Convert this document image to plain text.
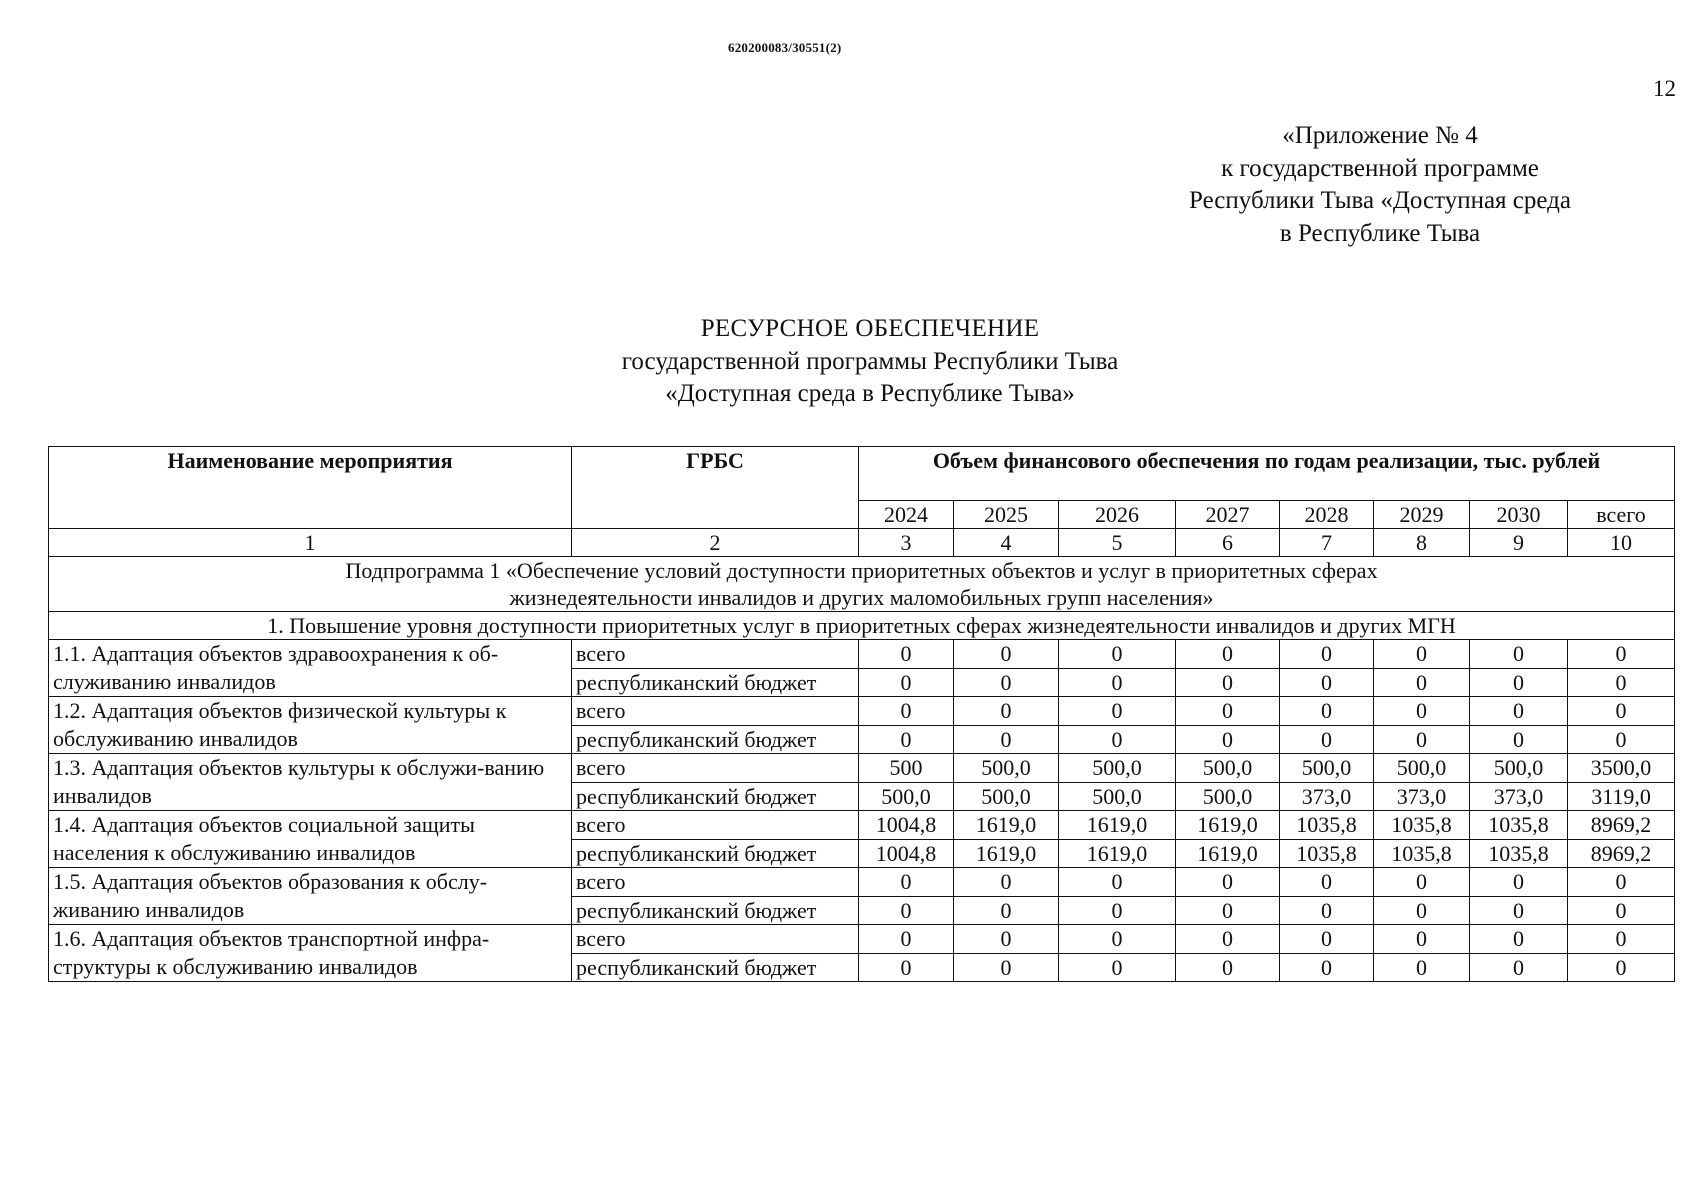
620200083/30551(2)
12
«Приложение № 4
к государственной программе
Республики Тыва «Доступная среда
в Республике Тыва
РЕСУРСНОЕ ОБЕСПЕЧЕНИЕ
государственной программы Республики Тыва
«Доступная среда в Республике Тыва»
Наименование мероприятия	ГРБС	Объем финансового обеспечения по годам реализации, тыс. рублей							
		2024	2025	2026	2027	2028	2029	2030	всего
1	2	3	4	5	6	7	8	9	10

Подпрограмма 1 «Обеспечение условий доступности приоритетных объектов и услуг в приоритетных сферах
жизнедеятельности инвалидов и других маломобильных групп населения»									

1. Повышение уровня доступности приоритетных услуг в приоритетных сферах жизнедеятельности инвалидов и других МГН									
1.1. Адаптация объектов здравоохранения к об-служиванию инвалидов	всего	0	0	0	0	0	0	0	0
	республиканский бюджет	0	0	0	0	0	0	0	0
1.2. Адаптация объектов физической культуры к обслуживанию инвалидов	всего	0	0	0	0	0	0	0	0
	республиканский бюджет	0	0	0	0	0	0	0	0
1.3. Адаптация объектов культуры к обслужи-ванию инвалидов	всего	500	500,0	500,0	500,0	500,0	500,0	500,0	3500,0
	республиканский бюджет	500,0	500,0	500,0	500,0	373,0	373,0	373,0	3119,0
1.4. Адаптация объектов социальной защиты населения к обслуживанию инвалидов	всего	1004,8	1619,0	1619,0	1619,0	1035,8	1035,8	1035,8	8969,2
	республиканский бюджет	1004,8	1619,0	1619,0	1619,0	1035,8	1035,8	1035,8	8969,2
1.5. Адаптация объектов образования к обслу-живанию инвалидов	всего	0	0	0	0	0	0	0	0
	республиканский бюджет	0	0	0	0	0	0	0	0
1.6. Адаптация объектов транспортной инфра-структуры к обслуживанию инвалидов	всего	0	0	0	0	0	0	0	0
	республиканский бюджет	0	0	0	0	0	0	0	0
